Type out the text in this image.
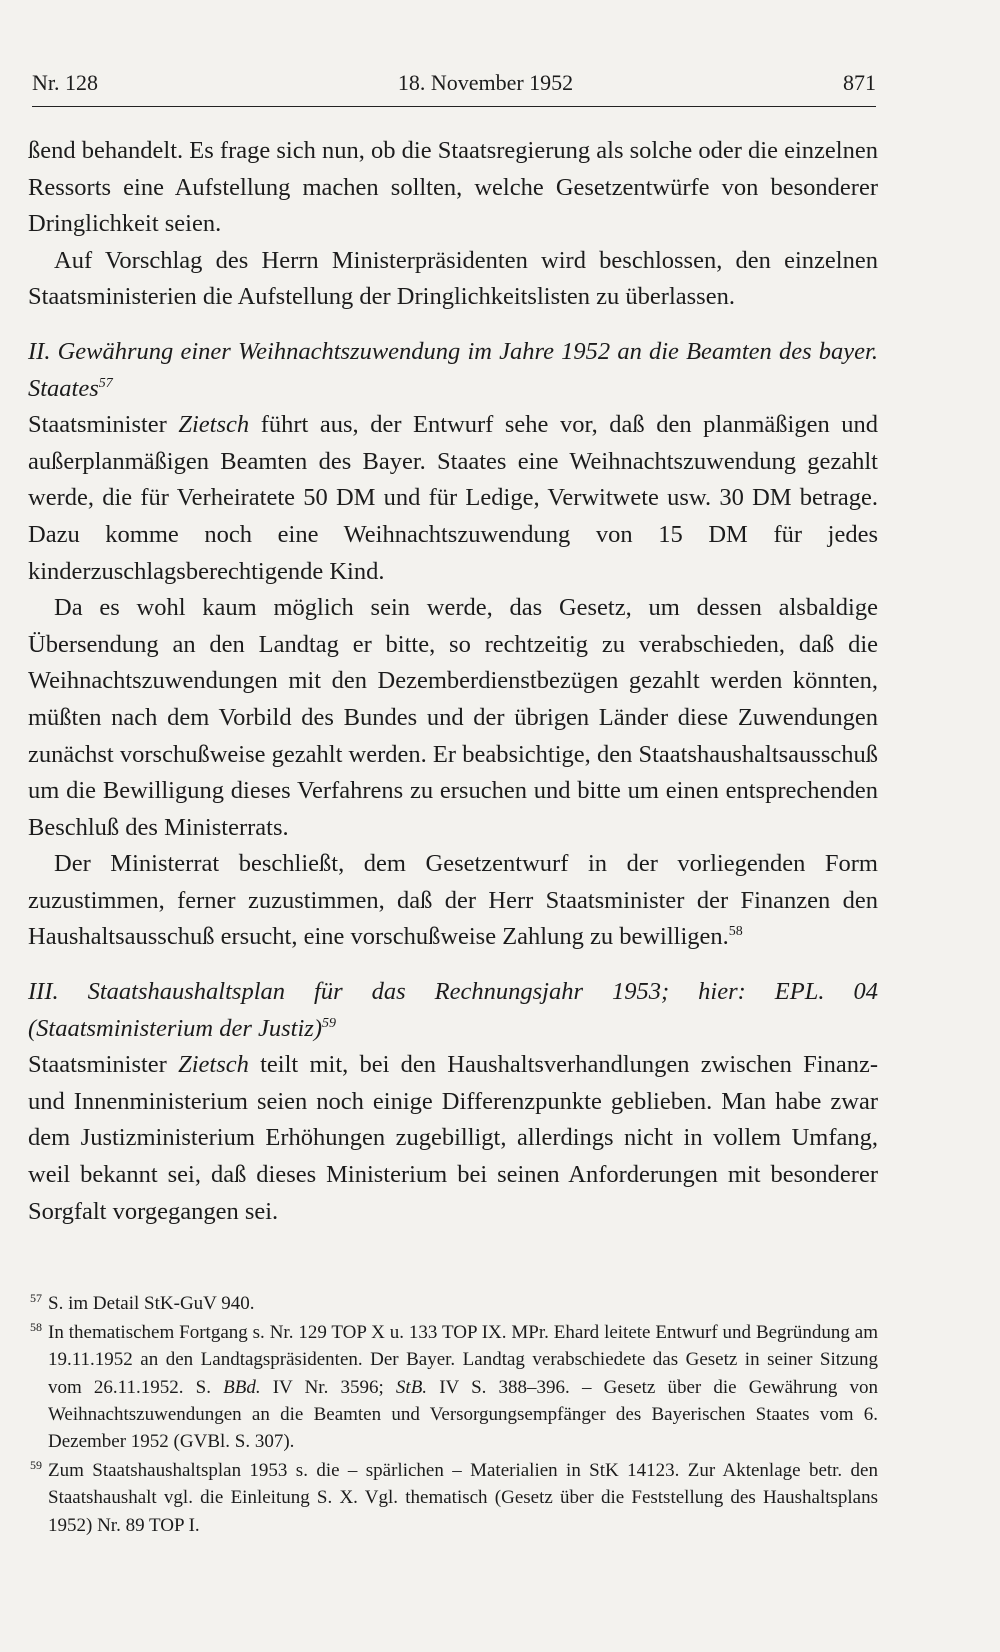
Nr. 128	18. November 1952	871

ßend behandelt. Es frage sich nun, ob die Staatsregierung als solche oder die einzelnen Ressorts eine Aufstellung machen sollten, welche Gesetzentwürfe von besonderer Dringlichkeit seien.

Auf Vorschlag des Herrn Ministerpräsidenten wird beschlossen, den einzelnen Staatsministerien die Aufstellung der Dringlichkeitslisten zu überlassen.

II. Gewährung einer Weihnachtszuwendung im Jahre 1952 an die Beamten des bayer. Staates$^{57}$

Staatsminister Zietsch führt aus, der Entwurf sehe vor, daß den planmäßigen und außerplanmäßigen Beamten des Bayer. Staates eine Weihnachtszuwendung gezahlt werde, die für Verheiratete 50 DM und für Ledige, Verwitwete usw. 30 DM betrage. Dazu komme noch eine Weihnachtszuwendung von 15 DM für jedes kinderzuschlagsberechtigende Kind.

Da es wohl kaum möglich sein werde, das Gesetz, um dessen alsbaldige Übersendung an den Landtag er bitte, so rechtzeitig zu verabschieden, daß die Weihnachtszuwendungen mit den Dezemberdienstbezügen gezahlt werden könnten, müßten nach dem Vorbild des Bundes und der übrigen Länder diese Zuwendungen zunächst vorschußweise gezahlt werden. Er beabsichtige, den Staatshaushaltsausschuß um die Bewilligung dieses Verfahrens zu ersuchen und bitte um einen entsprechenden Beschluß des Ministerrats.

Der Ministerrat beschließt, dem Gesetzentwurf in der vorliegenden Form zuzustimmen, ferner zuzustimmen, daß der Herr Staatsminister der Finanzen den Haushaltsausschuß ersucht, eine vorschußweise Zahlung zu bewilligen.$^{58}$

III. Staatshaushaltsplan für das Rechnungsjahr 1953; hier: EPL. 04 (Staatsministerium der Justiz)$^{59}$

Staatsminister Zietsch teilt mit, bei den Haushaltsverhandlungen zwischen Finanz- und Innenministerium seien noch einige Differenzpunkte geblieben. Man habe zwar dem Justizministerium Erhöhungen zugebilligt, allerdings nicht in vollem Umfang, weil bekannt sei, daß dieses Ministerium bei seinen Anforderungen mit besonderer Sorgfalt vorgegangen sei.

57 S. im Detail StK-GuV 940.

58 In thematischem Fortgang s. Nr. 129 TOP X u. 133 TOP IX. MPr. Ehard leitete Entwurf und Begründung am 19.11.1952 an den Landtagspräsidenten. Der Bayer. Landtag verabschiedete das Gesetz in seiner Sitzung vom 26.11.1952. S. BBd. IV Nr. 3596; StB. IV S. 388–396. – Gesetz über die Gewährung von Weihnachtszuwendungen an die Beamten und Versorgungsempfänger des Bayerischen Staates vom 6. Dezember 1952 (GVBl. S. 307).

59 Zum Staatshaushaltsplan 1953 s. die – spärlichen – Materialien in StK 14123. Zur Aktenlage betr. den Staatshaushalt vgl. die Einleitung S. X. Vgl. thematisch (Gesetz über die Feststellung des Haushaltsplans 1952) Nr. 89 TOP I.
